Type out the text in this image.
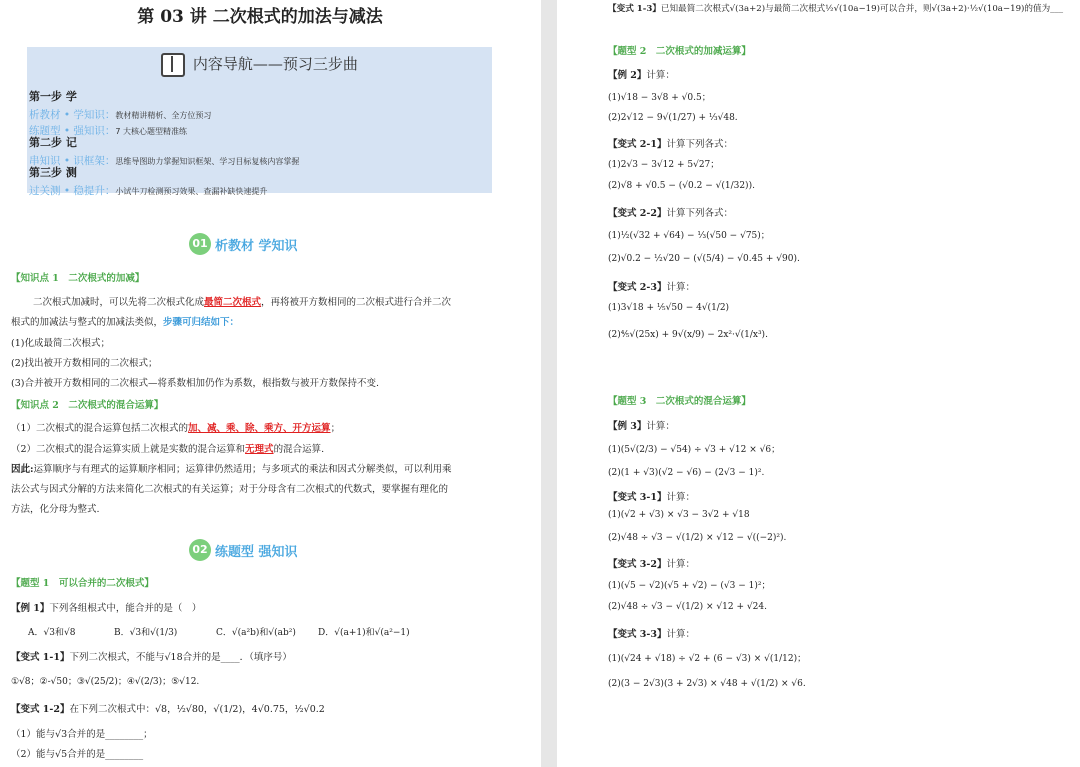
第 03 讲 二次根式的加法与减法
内容导航——预习三步曲
第一步 学
析教材 • 学知识：教材精讲精析、全方位预习
练题型 • 强知识：7 大核心题型精准练
第二步 记
串知识 • 识框架：思维导图助力掌握知识框架、学习目标复核内容掌握
第三步 测
过关测 • 稳提升：小试牛刀检测预习效果、查漏补缺快速提升
01 析教材 学知识
【知识点 1　二次根式的加减】
二次根式加减时，可以先将二次根式化成最简二次根式，再将被开方数相同的二次根式进行合并二次
根式的加减法与整式的加减法类似，步骤可归结如下：
(1)化成最简二次根式；
(2)找出被开方数相同的二次根式；
(3)合并被开方数相同的二次根式—将系数相加仍作为系数，根指数与被开方数保持不变.
【知识点 2　二次根式的混合运算】
（1）二次根式的混合运算包括二次根式的加、减、乘、除、乘方、开方运算；
（2）二次根式的混合运算实质上就是实数的混合运算和无理式的混合运算.
因此:运算顺序与有理式的运算顺序相同；运算律仍然适用；与多项式的乘法和因式分解类似，可以利用乘
法公式与因式分解的方法来简化二次根式的有关运算；对于分母含有二次根式的代数式，要掌握有理化的
方法，化分母为整式.
02 练题型 强知识
【题型 1　可以合并的二次根式】
【例 1】下列各组根式中，能合并的是（　）
A．√3和√8	B．√3和√(1/3)	C．√(a²b)和√(ab²) D．√(a+1)和√(a²−1)
【变式 1-1】下列二次根式，不能与√18合并的是____．（填序号）
①√8；②-√50；③√(25/2)；④√(2/3)；⑤√12.
【变式 1-2】在下列二次根式中：√8，½√80，√(1/2)，4√0.75，½√0.2
（1）能与√3合并的是________；
（2）能与√5合并的是________
【变式 1-3】已知最简二次根式√(3a+2)与最简二次根式½√(10a−19)可以合并，则√(3a+2)·½√(10a−19)的值为___
【题型 2　二次根式的加减运算】
【例 2】计算：
(1)√18 − 3√8 + √0.5；
(2)2√12 − 9√(1/27) + ⅓√48.
【变式 2-1】计算下列各式：
(1)2√3 − 3√12 + 5√27；
(2)√8 + √0.5 − (√0.2 − √(1/32)).
【变式 2-2】计算下列各式：
(1)½(√32 + √64) − ⅓(√50 − √75)；
(2)√0.2 − ½√20 − (√(5/4) − √0.45 + √90).
【变式 2-3】计算：
(1)3√18 + ⅕√50 − 4√(1/2)
(2)⅘√(25x) + 9√(x/9) − 2x²·√(1/x³).
【题型 3　二次根式的混合运算】
【例 3】计算：
(1)(5√(2/3) − √54) ÷ √3 + √12 × √6；
(2)(1 + √3)(√2 − √6) − (2√3 − 1)².
【变式 3-1】计算：
(1)(√2 + √3) × √3 − 3√2 + √18
(2)√48 ÷ √3 − √(1/2) × √12 − √((−2)²).
【变式 3-2】计算：
(1)(√5 − √2)(√5 + √2) − (√3 − 1)²；
(2)√48 ÷ √3 − √(1/2) × √12 + √24.
【变式 3-3】计算：
(1)(√24 + √18) ÷ √2 + (6 − √3) × √(1/12)；
(2)(3 − 2√3)(3 + 2√3) × √48 + √(1/2) × √6.
